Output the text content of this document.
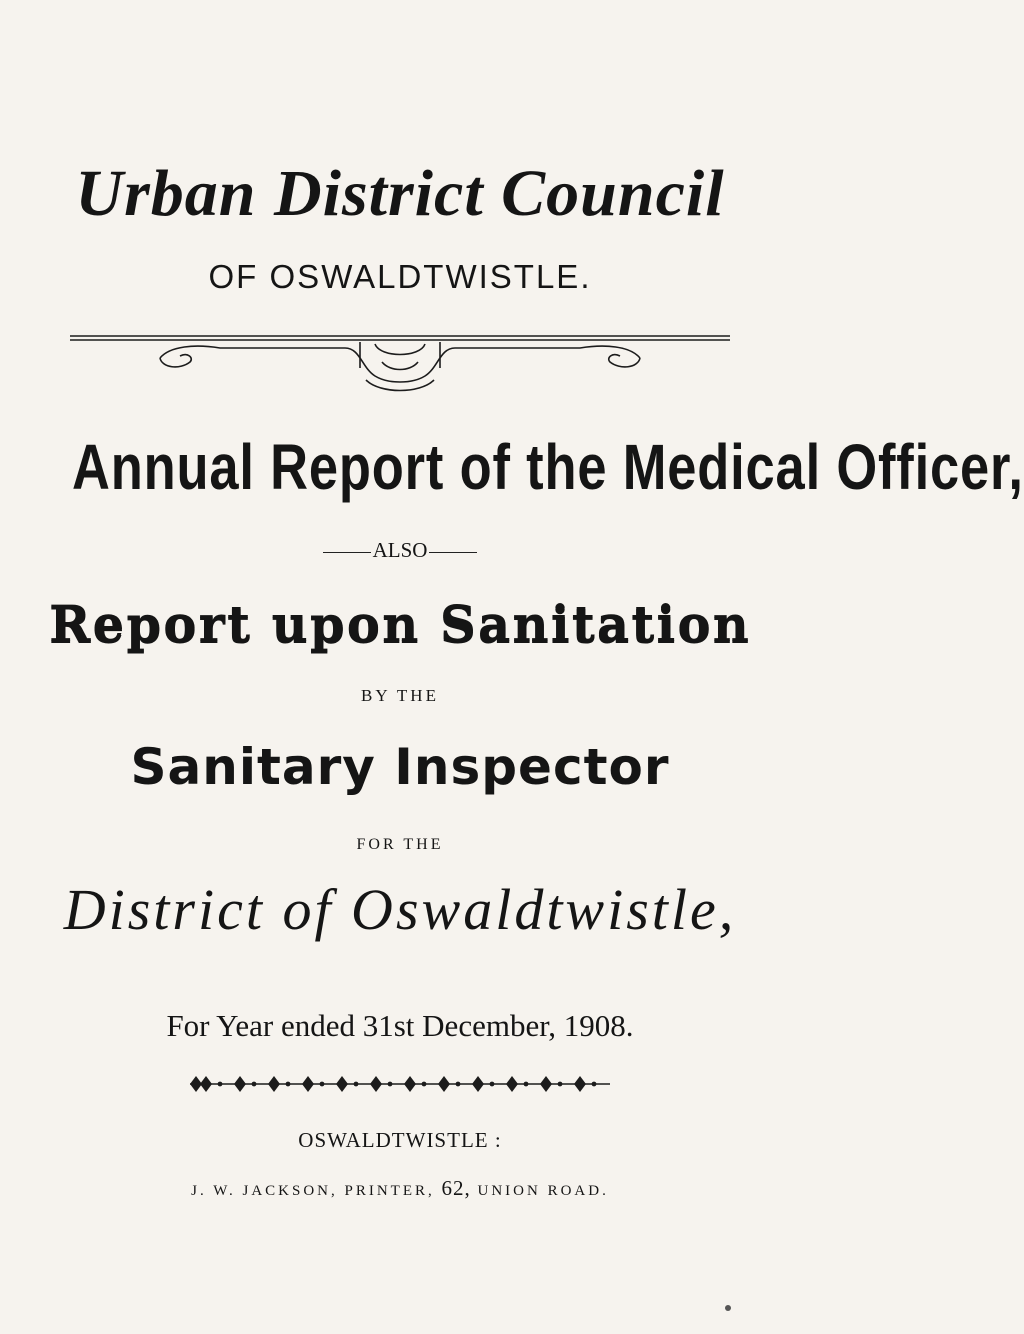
Urban District Council
OF OSWALDTWISTLE.
Annual Report of the Medical Officer,
ALSO
Report upon Sanitation
BY THE
Sanitary Inspector
FOR THE
District of Oswaldtwistle,
For Year ended 31st December, 1908.
OSWALDTWISTLE :
J. W. JACKSON, PRINTER, 62, UNION ROAD.
